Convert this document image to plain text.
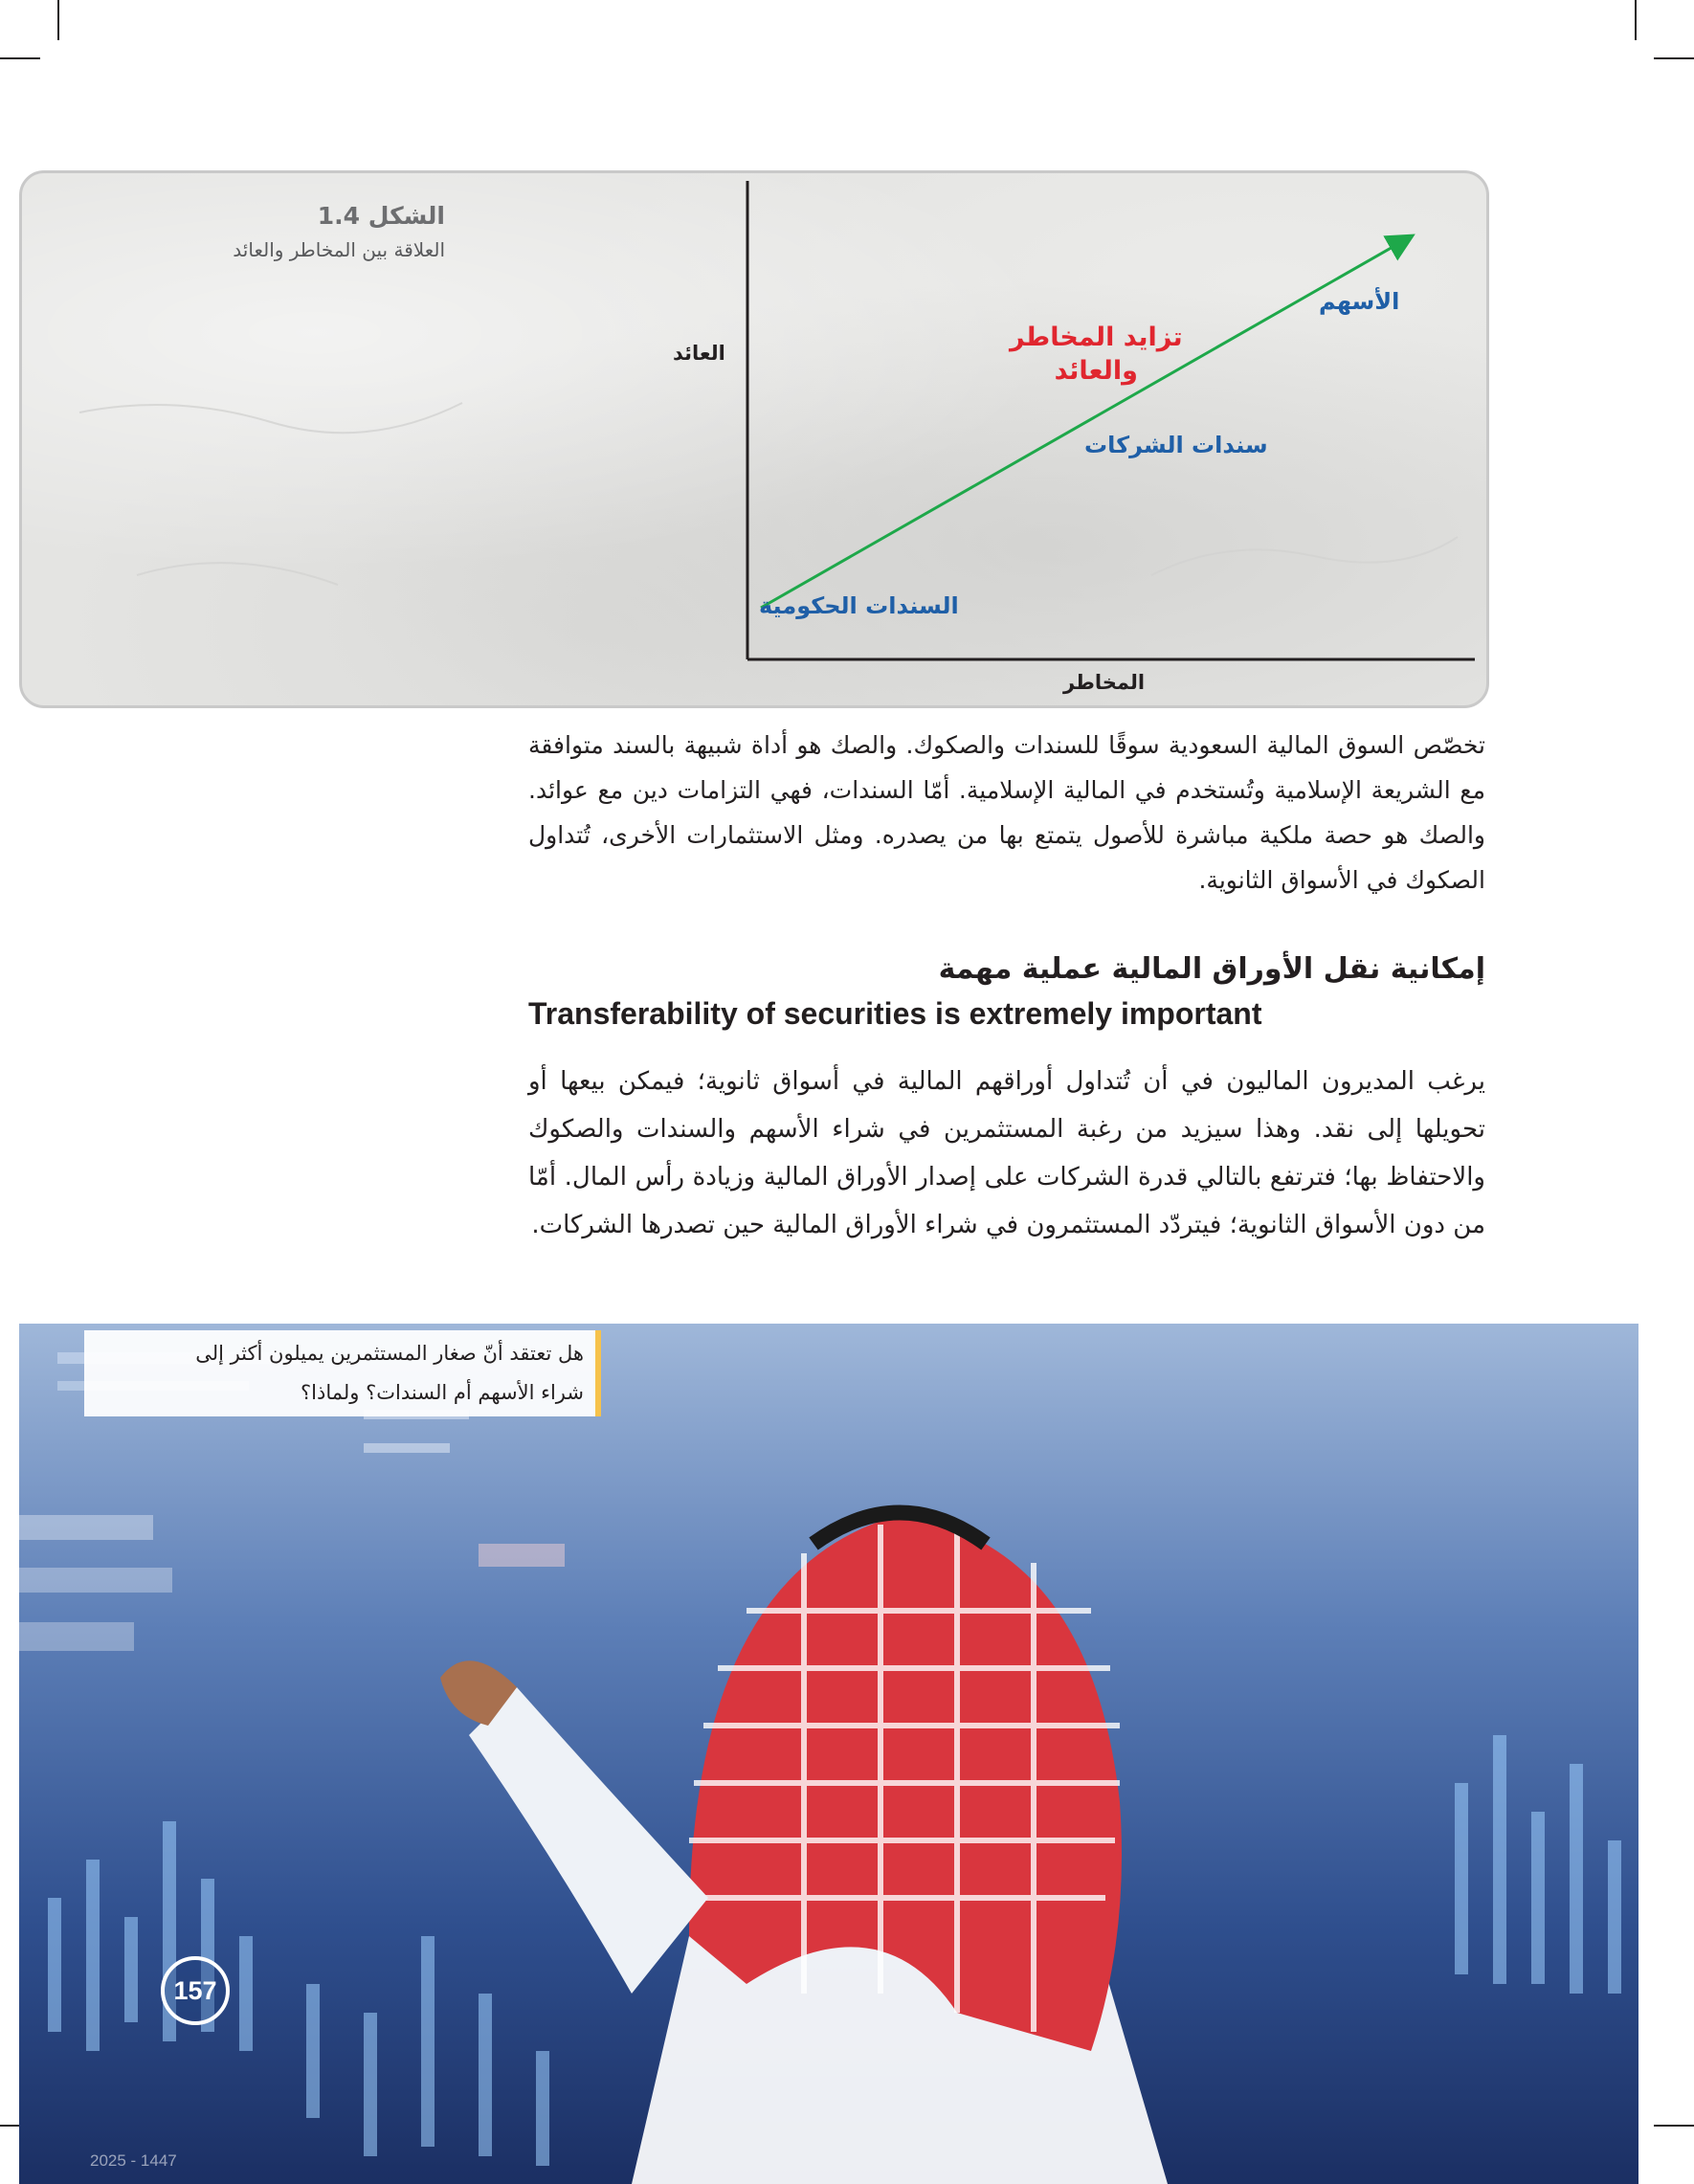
الشكل 1.4
العلاقة بين المخاطر والعائد
العائد
المخاطر
تزايد المخاطر
والعائد
الأسهم
سندات الشركات
السندات الحكومية

تخصّص السوق المالية السعودية سوقًا للسندات والصكوك. والصك هو أداة شبيهة بالسند متوافقة مع الشريعة الإسلامية وتُستخدم في المالية الإسلامية. أمّا السندات، فهي التزامات دين مع عوائد. والصك هو حصة ملكية مباشرة للأصول يتمتع بها من يصدره. ومثل الاستثمارات الأخرى، تُتداول الصكوك في الأسواق الثانوية.

إمكانية نقل الأوراق المالية عملية مهمة
Transferability of securities is extremely important

يرغب المديرون الماليون في أن تُتداول أوراقهم المالية في أسواق ثانوية؛ فيمكن بيعها أو تحويلها إلى نقد. وهذا سيزيد من رغبة المستثمرين في شراء الأسهم والسندات والصكوك والاحتفاظ بها؛ فترتفع بالتالي قدرة الشركات على إصدار الأوراق المالية وزيادة رأس المال. أمّا من دون الأسواق الثانوية؛ فيتردّد المستثمرون في شراء الأوراق المالية حين تصدرها الشركات.

هل تعتقد أنّ صغار المستثمرين يميلون أكثر إلى
شراء الأسهم أم السندات؟ ولماذا؟
157
2025 - 1447
